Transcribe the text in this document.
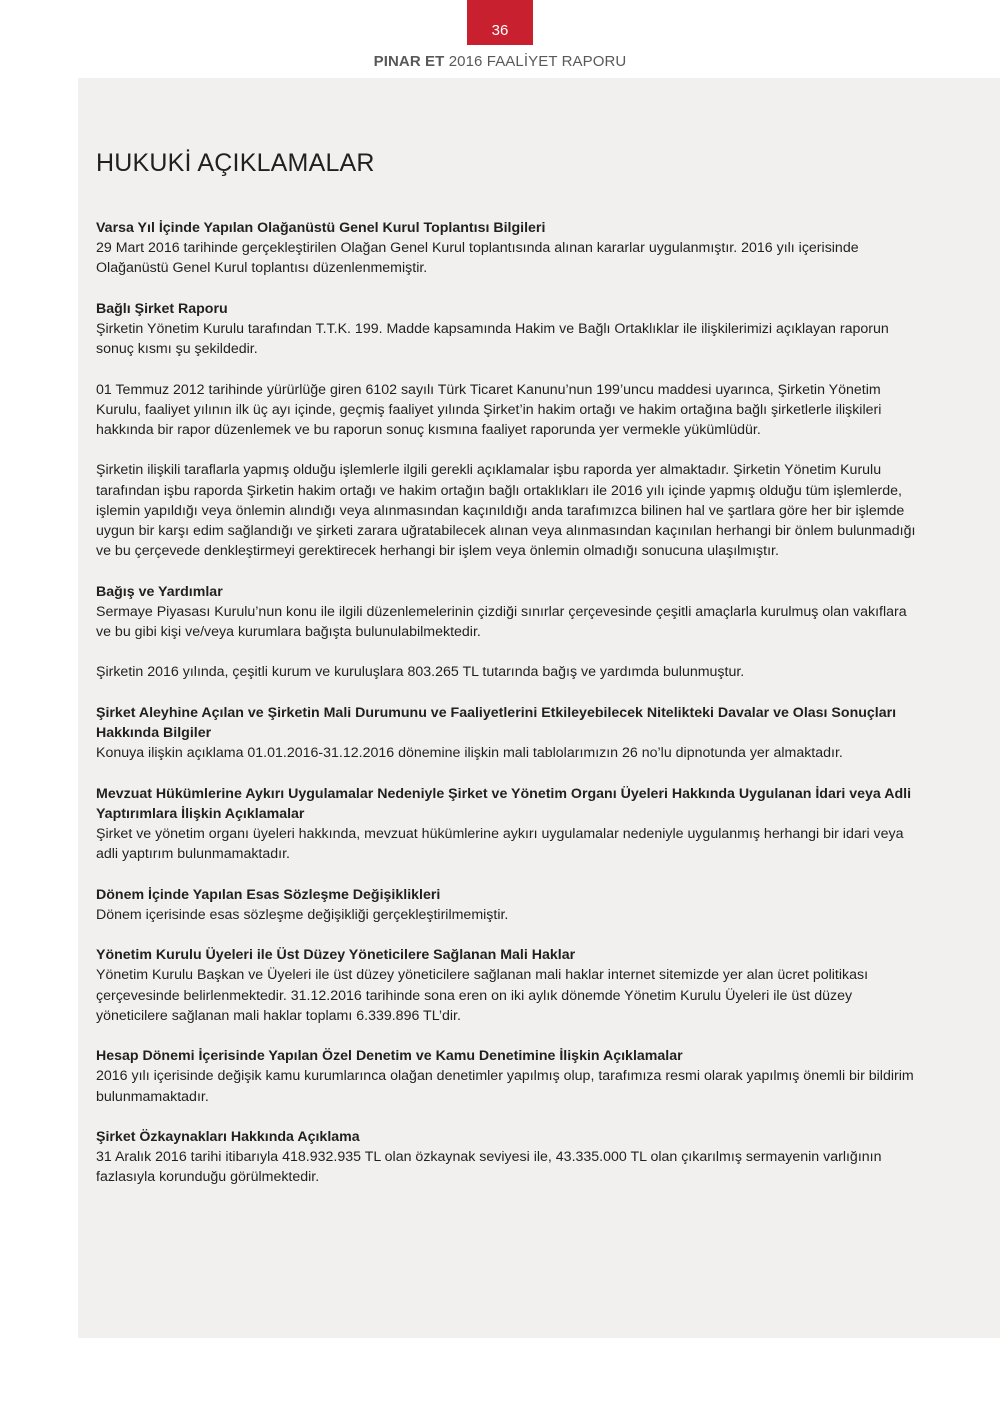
36
PINAR ET 2016 FAALİYET RAPORU
HUKUKİ AÇIKLAMALAR
Varsa Yıl İçinde Yapılan Olağanüstü Genel Kurul Toplantısı Bilgileri

29 Mart 2016 tarihinde gerçekleştirilen Olağan Genel Kurul toplantısında alınan kararlar uygulanmıştır. 2016 yılı içerisinde Olağanüstü Genel Kurul toplantısı düzenlenmemiştir.

Bağlı Şirket Raporu

Şirketin Yönetim Kurulu tarafından T.T.K. 199. Madde kapsamında Hakim ve Bağlı Ortaklıklar ile ilişkilerimizi açıklayan raporun sonuç kısmı şu şekildedir.

01 Temmuz 2012 tarihinde yürürlüğe giren 6102 sayılı Türk Ticaret Kanunu’nun 199’uncu maddesi uyarınca, Şirketin Yönetim Kurulu, faaliyet yılının ilk üç ayı içinde, geçmiş faaliyet yılında Şirket’in hakim ortağı ve hakim ortağına bağlı şirketlerle ilişkileri hakkında bir rapor düzenlemek ve bu raporun sonuç kısmına faaliyet raporunda yer vermekle yükümlüdür.

Şirketin ilişkili taraflarla yapmış olduğu işlemlerle ilgili gerekli açıklamalar işbu raporda yer almaktadır. Şirketin Yönetim Kurulu tarafından işbu raporda Şirketin hakim ortağı ve hakim ortağın bağlı ortaklıkları ile 2016 yılı içinde yapmış olduğu tüm işlemlerde, işlemin yapıldığı veya önlemin alındığı veya alınmasından kaçınıldığı anda tarafımızca bilinen hal ve şartlara göre her bir işlemde uygun bir karşı edim sağlandığı ve şirketi zarara uğratabilecek alınan veya alınmasından kaçınılan herhangi bir önlem bulunmadığı ve bu çerçevede denkleştirmeyi gerektirecek herhangi bir işlem veya önlemin olmadığı sonucuna ulaşılmıştır.

Bağış ve Yardımlar

Sermaye Piyasası Kurulu’nun konu ile ilgili düzenlemelerinin çizdiği sınırlar çerçevesinde çeşitli amaçlarla kurulmuş olan vakıflara ve bu gibi kişi ve/veya kurumlara bağışta bulunulabilmektedir.

Şirketin 2016 yılında, çeşitli kurum ve kuruluşlara 803.265 TL tutarında bağış ve yardımda bulunmuştur.

Şirket Aleyhine Açılan ve Şirketin Mali Durumunu ve Faaliyetlerini Etkileyebilecek Nitelikteki Davalar ve Olası Sonuçları Hakkında Bilgiler

Konuya ilişkin açıklama 01.01.2016-31.12.2016 dönemine ilişkin mali tablolarımızın 26 no’lu dipnotunda yer almaktadır.

Mevzuat Hükümlerine Aykırı Uygulamalar Nedeniyle Şirket ve Yönetim Organı Üyeleri Hakkında Uygulanan İdari veya Adli Yaptırımlara İlişkin Açıklamalar

Şirket ve yönetim organı üyeleri hakkında, mevzuat hükümlerine aykırı uygulamalar nedeniyle uygulanmış herhangi bir idari veya adli yaptırım bulunmamaktadır.

Dönem İçinde Yapılan Esas Sözleşme Değişiklikleri

Dönem içerisinde esas sözleşme değişikliği gerçekleştirilmemiştir.

Yönetim Kurulu Üyeleri ile Üst Düzey Yöneticilere Sağlanan Mali Haklar

Yönetim Kurulu Başkan ve Üyeleri ile üst düzey yöneticilere sağlanan mali haklar internet sitemizde yer alan ücret politikası çerçevesinde belirlenmektedir. 31.12.2016 tarihinde sona eren on iki aylık dönemde Yönetim Kurulu Üyeleri ile üst düzey yöneticilere sağlanan mali haklar toplamı 6.339.896 TL’dir.

Hesap Dönemi İçerisinde Yapılan Özel Denetim ve Kamu Denetimine İlişkin Açıklamalar

2016 yılı içerisinde değişik kamu kurumlarınca olağan denetimler yapılmış olup, tarafımıza resmi olarak yapılmış önemli bir bildirim bulunmamaktadır.

Şirket Özkaynakları Hakkında Açıklama

31 Aralık 2016 tarihi itibarıyla 418.932.935 TL olan özkaynak seviyesi ile, 43.335.000 TL olan çıkarılmış sermayenin varlığının fazlasıyla korunduğu görülmektedir.
